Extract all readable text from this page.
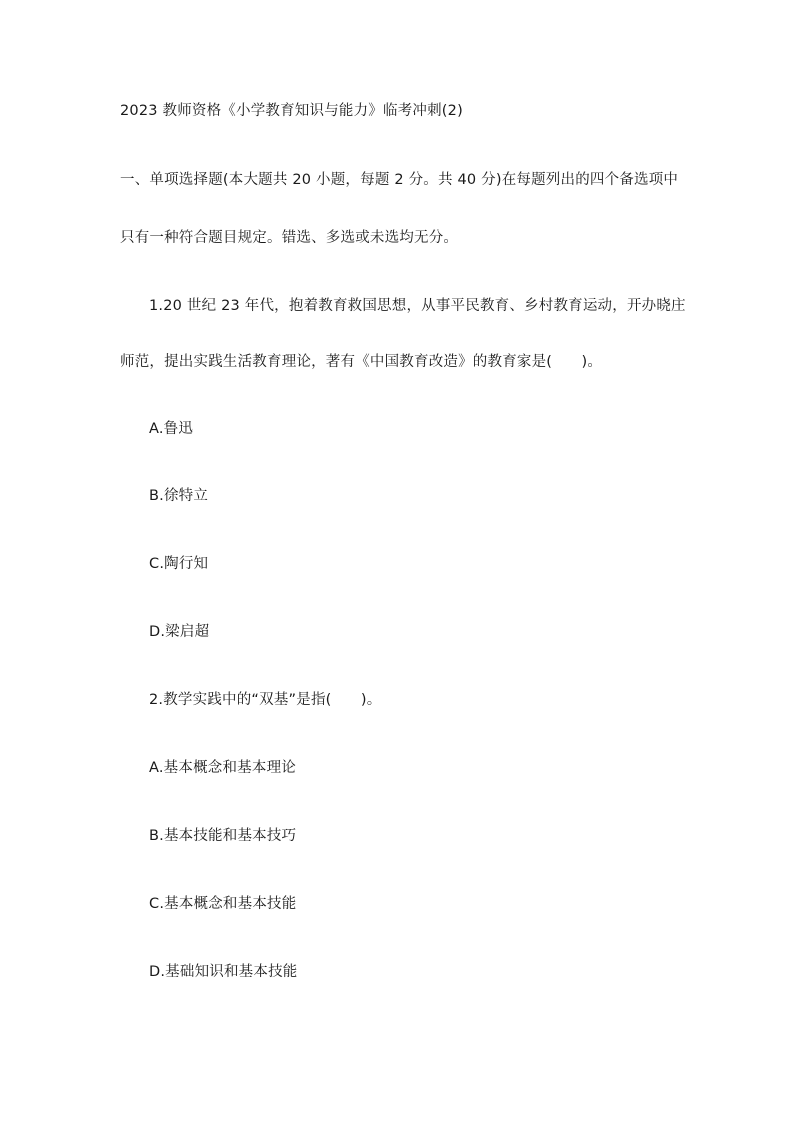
2023 教师资格《小学教育知识与能力》临考冲刺(2)
一、单项选择题(本大题共 20 小题，每题 2 分。共 40 分)在每题列出的四个备选项中
只有一种符合题目规定。错选、多选或未选均无分。
1.20 世纪 23 年代，抱着教育救国思想，从事平民教育、乡村教育运动，开办晓庄
师范，提出实践生活教育理论，著有《中国教育改造》的教育家是(　　)。
A.鲁迅
B.徐特立
C.陶行知
D.梁启超
2.教学实践中的“双基”是指(　　)。
A.基本概念和基本理论
B.基本技能和基本技巧
C.基本概念和基本技能
D.基础知识和基本技能
